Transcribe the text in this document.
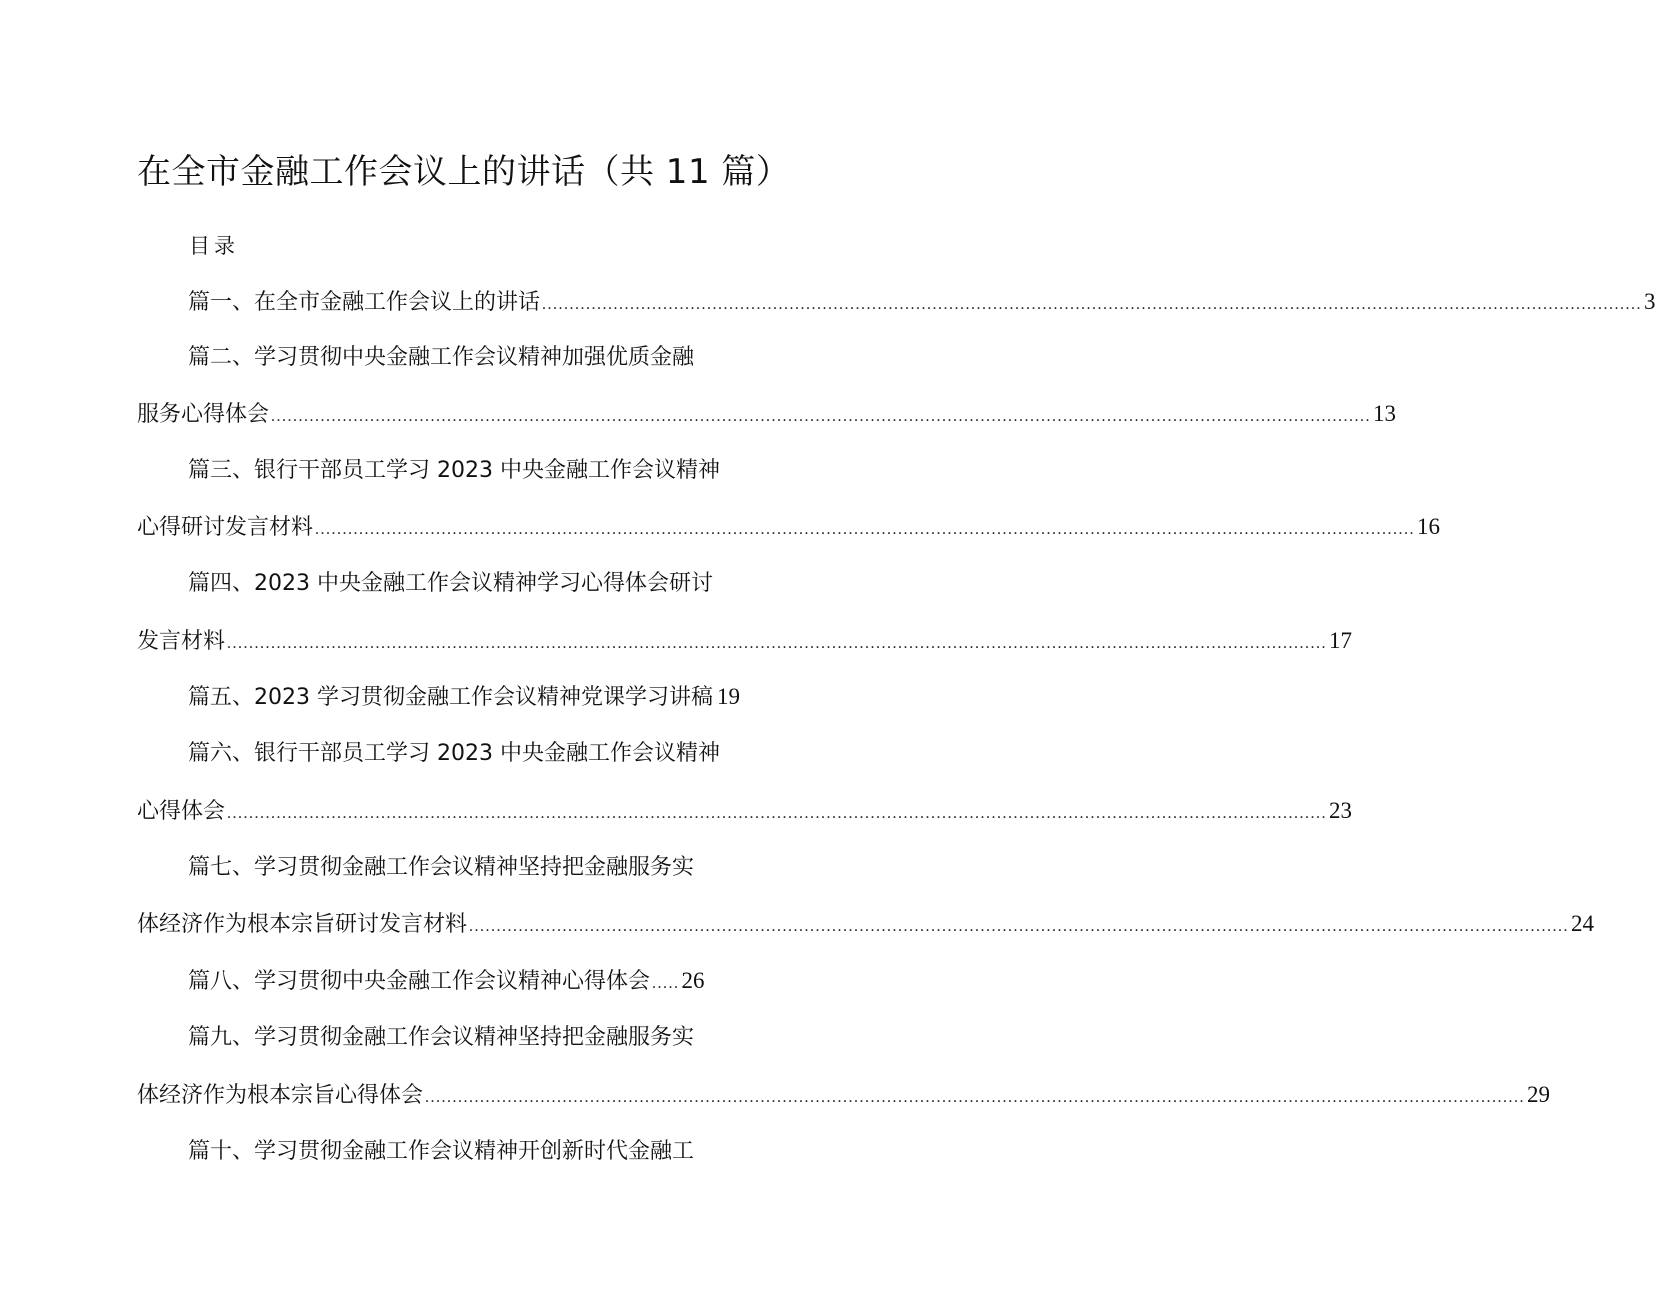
在全市金融工作会议上的讲话（共 11 篇）
目录
篇一、在全市金融工作会议上的讲话 ........................................................................................................................................................................................................ 3
篇二、学习贯彻中央金融工作会议精神加强优质金融
服务心得体会 ........................................................................................................................................................................................................ 13
篇三、银行干部员工学习 2023 中央金融工作会议精神
心得研讨发言材料 ........................................................................................................................................................................................................ 16
篇四、2023 中央金融工作会议精神学习心得体会研讨
发言材料 ........................................................................................................................................................................................................ 17
篇五、2023 学习贯彻金融工作会议精神党课学习讲稿 19
篇六、银行干部员工学习 2023 中央金融工作会议精神
心得体会 ........................................................................................................................................................................................................ 23
篇七、学习贯彻金融工作会议精神坚持把金融服务实
体经济作为根本宗旨研讨发言材料 ........................................................................................................................................................................................................ 24
篇八、学习贯彻中央金融工作会议精神心得体会 ..... 26
篇九、学习贯彻金融工作会议精神坚持把金融服务实
体经济作为根本宗旨心得体会 ........................................................................................................................................................................................................ 29
篇十、学习贯彻金融工作会议精神开创新时代金融工
